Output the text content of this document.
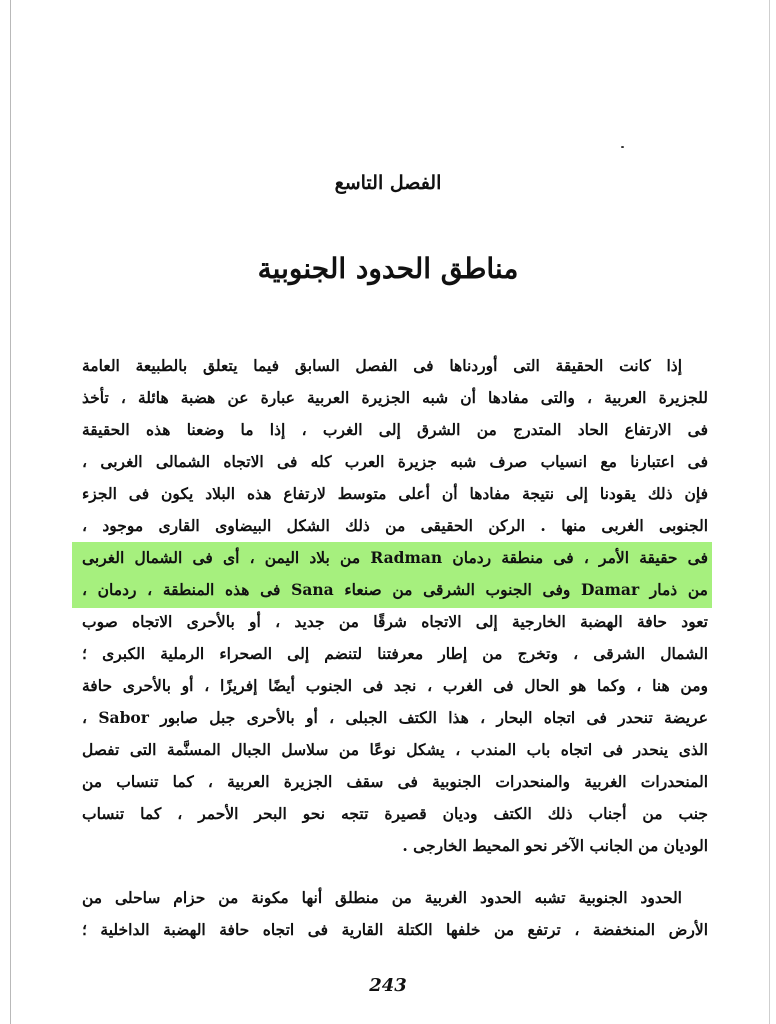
الفصل التاسع
مناطق الحدود الجنوبية
إذا كانت الحقيقة التى أوردناها فى الفصل السابق فيما يتعلق بالطبيعة العامة
للجزيرة العربية ، والتى مفادها أن شبه الجزيرة العربية عبارة عن هضبة هائلة ، تأخذ
فى الارتفاع الحاد المتدرج من الشرق إلى الغرب ، إذا ما وضعنا هذه الحقيقة
فى اعتبارنا مع انسياب صرف شبه جزيرة العرب كله فى الاتجاه الشمالى الغربى ،
فإن ذلك يقودنا إلى نتيجة مفادها أن أعلى متوسط لارتفاع هذه البلاد يكون فى الجزء
الجنوبى الغربى منها . الركن الحقيقى من ذلك الشكل البيضاوى القارى موجود ،
فى حقيقة الأمر ، فى منطقة ردمان Radman من بلاد اليمن ، أى فى الشمال الغربى
من ذمار Damar وفى الجنوب الشرقى من صنعاء Sana فى هذه المنطقة ، ردمان ،
تعود حافة الهضبة الخارجية إلى الاتجاه شرقًا من جديد ، أو بالأحرى الاتجاه صوب
الشمال الشرقى ، وتخرج من إطار معرفتنا لتنضم إلى الصحراء الرملية الكبرى ؛
ومن هنا ، وكما هو الحال فى الغرب ، نجد فى الجنوب أيضًا إفريزًا ، أو بالأحرى حافة
عريضة تنحدر فى اتجاه البحار ، هذا الكتف الجبلى ، أو بالأحرى جبل صابور Sabor ،
الذى ينحدر فى اتجاه باب المندب ، يشكل نوعًا من سلاسل الجبال المسنَّمة التى تفصل
المنحدرات الغربية والمنحدرات الجنوبية فى سقف الجزيرة العربية ، كما تنساب من
جنب من أجناب ذلك الكتف وديان قصيرة تتجه نحو البحر الأحمر ، كما تنساب
الوديان من الجانب الآخر نحو المحيط الخارجى .
الحدود الجنوبية تشبه الحدود الغربية من منطلق أنها مكونة من حزام ساحلى من
الأرض المنخفضة ، ترتفع من خلفها الكتلة القارية فى اتجاه حافة الهضبة الداخلية ؛
243
